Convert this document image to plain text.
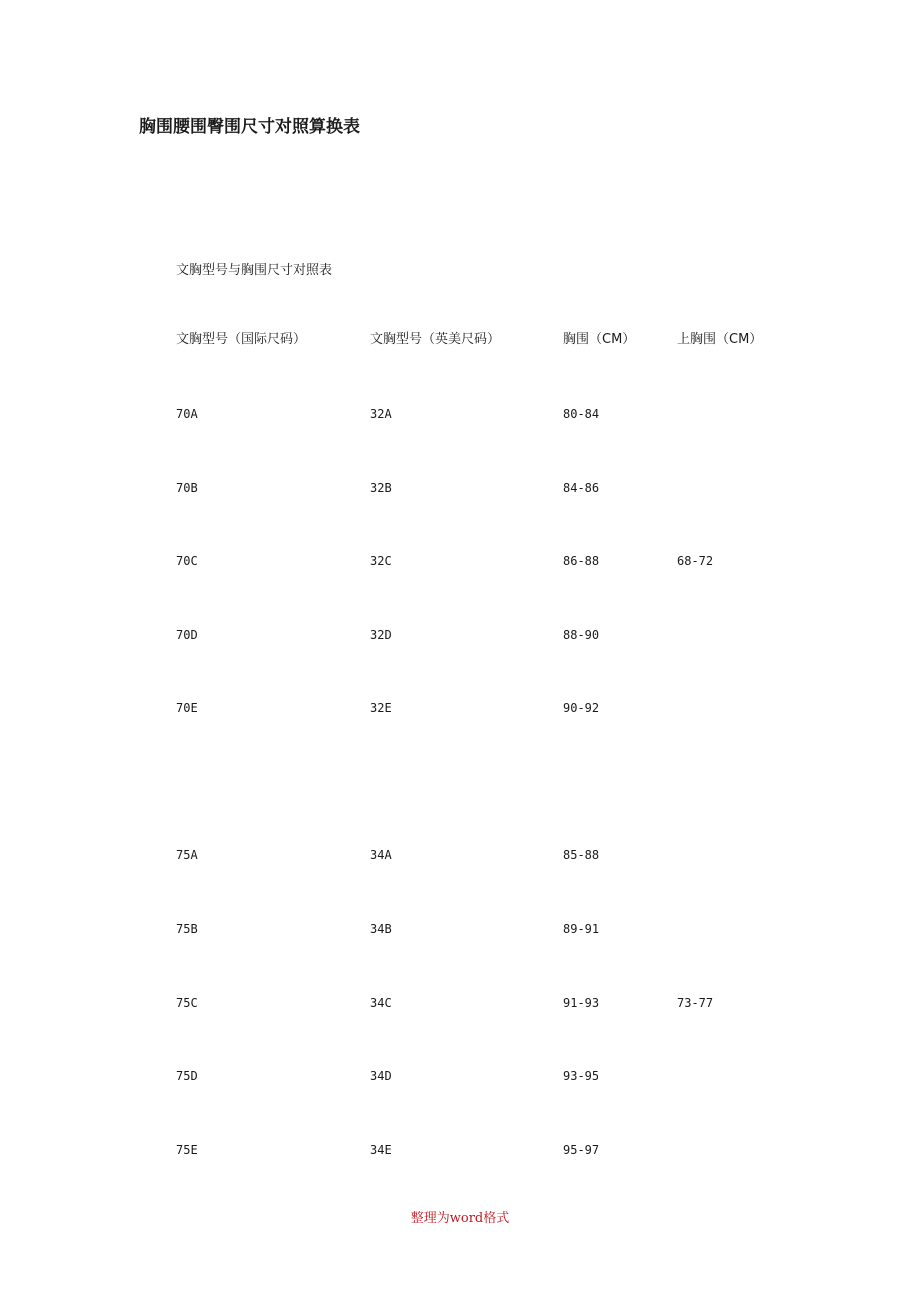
胸围腰围臀围尺寸对照算换表
文胸型号与胸围尺寸对照表
文胸型号（国际尺码）	文胸型号（英美尺码）	胸围（CM）	上胸围（CM）
70A	32A	80-84
70B	32B	84-86
70C	32C	86-88	68-72
70D	32D	88-90
70E	32E	90-92
75A	34A	85-88
75B	34B	89-91
75C	34C	91-93	73-77
75D	34D	93-95
75E	34E	95-97
整理为word格式
